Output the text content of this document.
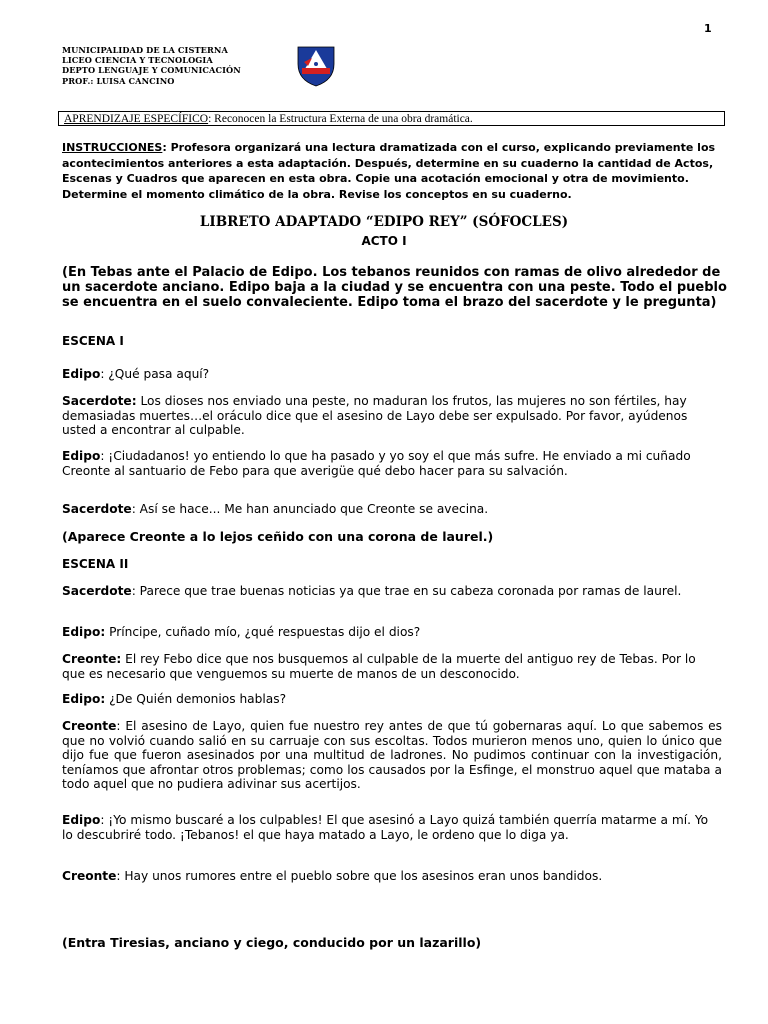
1
MUNICIPALIDAD DE LA CISTERNA
LICEO CIENCIA Y TECNOLOGIA
DEPTO LENGUAJE Y COMUNICACIÓN
PROF.: LUISA CANCINO
APRENDIZAJE ESPECÍFICO: Reconocen la Estructura Externa de una obra dramática.
INSTRUCCIONES: Profesora organizará una lectura dramatizada con el curso, explicando previamente los acontecimientos anteriores a esta adaptación. Después, determine en su cuaderno la cantidad de Actos, Escenas y Cuadros que aparecen en esta obra. Copie una acotación emocional y otra de movimiento. Determine el momento climático de la obra. Revise los conceptos en su cuaderno.
LIBRETO ADAPTADO “EDIPO REY” (SÓFOCLES)
ACTO I
(En Tebas ante el Palacio de Edipo. Los tebanos reunidos con ramas de olivo alrededor de un sacerdote anciano. Edipo baja a la ciudad y se encuentra con una peste. Todo el pueblo se encuentra en el suelo convaleciente. Edipo toma el brazo del sacerdote y le pregunta)
ESCENA I
Edipo: ¿Qué pasa aquí?
Sacerdote: Los dioses nos enviado una peste, no maduran los frutos, las mujeres no son fértiles, hay demasiadas muertes…el oráculo dice que el asesino de Layo debe ser expulsado. Por favor, ayúdenos usted a encontrar al culpable.
Edipo: ¡Ciudadanos! yo entiendo lo que ha pasado y yo soy el que más sufre. He enviado a mi cuñado Creonte al santuario de Febo para que averigüe qué debo hacer para su salvación.
Sacerdote: Así se hace... Me han anunciado que Creonte se avecina.
(Aparece Creonte a lo lejos ceñido con una corona de laurel.)
ESCENA II
Sacerdote: Parece que trae buenas noticias ya que trae en su cabeza coronada por ramas de laurel.
Edipo: Príncipe, cuñado mío, ¿qué respuestas dijo el dios?
Creonte: El rey Febo dice que nos busquemos al culpable de la muerte del antiguo rey de Tebas. Por lo que es necesario que venguemos su muerte de manos de un desconocido.
Edipo: ¿De Quién demonios hablas?
Creonte: El asesino de Layo, quien fue nuestro rey antes de que tú gobernaras aquí. Lo que sabemos es que no volvió cuando salió en su carruaje con sus escoltas. Todos murieron menos uno, quien lo único que dijo fue que fueron asesinados por una multitud de ladrones. No pudimos continuar con la investigación, teníamos que afrontar otros problemas; como los causados por la Esfinge, el monstruo aquel que mataba a todo aquel que no pudiera adivinar sus acertijos.
Edipo: ¡Yo mismo buscaré a los culpables! El que asesinó a Layo quizá también querría matarme a mí. Yo lo descubriré todo. ¡Tebanos! el que haya matado a Layo, le ordeno que lo diga ya.
Creonte: Hay unos rumores entre el pueblo sobre que los asesinos eran unos bandidos.
(Entra Tiresias, anciano y ciego, conducido por un lazarillo)
